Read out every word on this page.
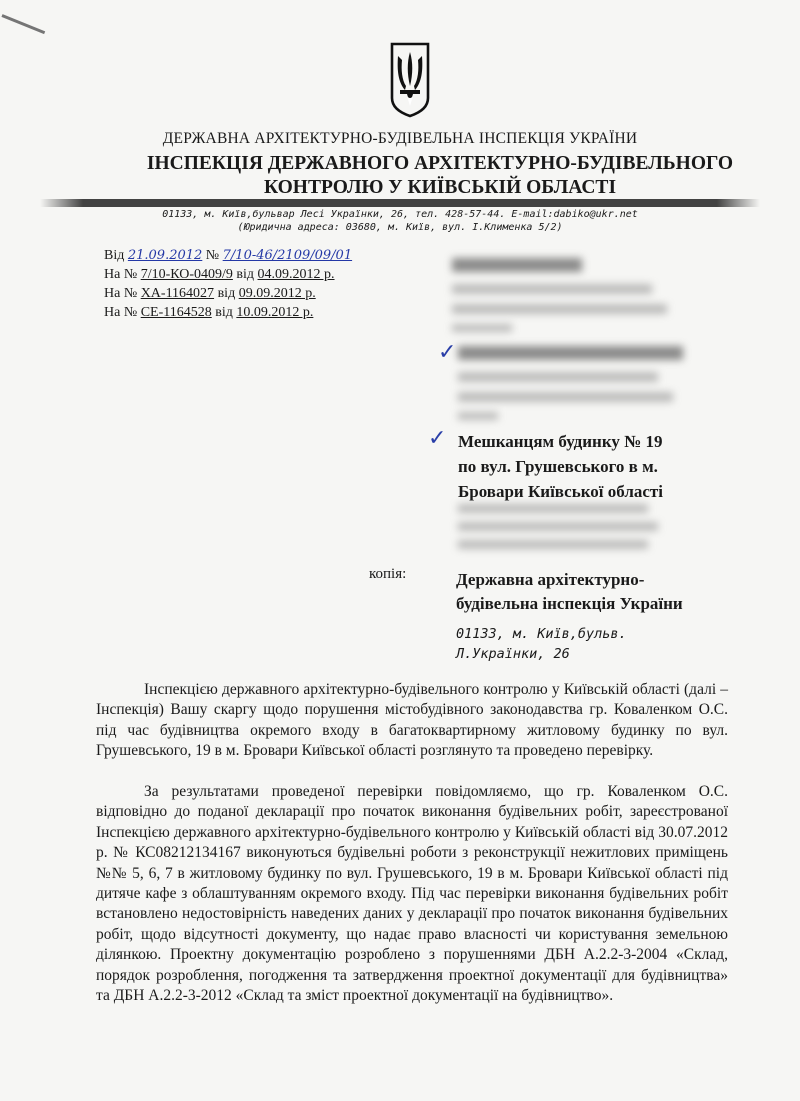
ДЕРЖАВНА АРХІТЕКТУРНО-БУДІВЕЛЬНА ІНСПЕКЦІЯ УКРАЇНИ
ІНСПЕКЦІЯ ДЕРЖАВНОГО АРХІТЕКТУРНО-БУДІВЕЛЬНОГО
КОНТРОЛЮ У КИЇВСЬКІЙ ОБЛАСТІ
01133, м. Київ,бульвар Лесі Українки, 26, тел. 428-57-44. E-mail:dabiko@ukr.net
(Юридична адреса: 03680, м. Київ, вул. І.Клименка 5/2)
Від 21.09.2012 № 7/10-46/2109/09/01
На № 7/10-КО-0409/9 від 04.09.2012 р.
На № ХА-1164027 від 09.09.2012 р.
На № СЕ-1164528 від 10.09.2012 р.
✓
✓ Мешканцям будинку № 19
по вул. Грушевського в м.
Бровари Київської області
копія:	Державна архітектурно-
будівельна інспекція України
01133, м. Київ,бульв.
Л.Українки, 26

Інспекцією державного архітектурно-будівельного контролю у Київській області (далі – Інспекція) Вашу скаргу щодо порушення містобудівного законодавства гр. Коваленком О.С. під час будівництва окремого входу в багатоквартирному житловому будинку по вул. Грушевського, 19 в м. Бровари Київської області розглянуто та проведено перевірку.

За результатами проведеної перевірки повідомляємо, що гр. Коваленком О.С. відповідно до поданої декларації про початок виконання будівельних робіт, зареєстрованої Інспекцією державного архітектурно-будівельного контролю у Київській області від 30.07.2012 р. № КС08212134167 виконуються будівельні роботи з реконструкції нежитлових приміщень №№ 5, 6, 7 в житловому будинку по вул. Грушевського, 19 в м. Бровари Київської області під дитяче кафе з облаштуванням окремого входу. Під час перевірки виконання будівельних робіт встановлено недостовірність наведених даних у декларації про початок виконання будівельних робіт, щодо відсутності документу, що надає право власності чи користування земельною ділянкою. Проектну документацію розроблено з порушеннями ДБН А.2.2-3-2004 «Склад, порядок розроблення, погодження та затвердження проектної документації для будівництва» та ДБН А.2.2-3-2012 «Склад та зміст проектної документації на будівництво».
